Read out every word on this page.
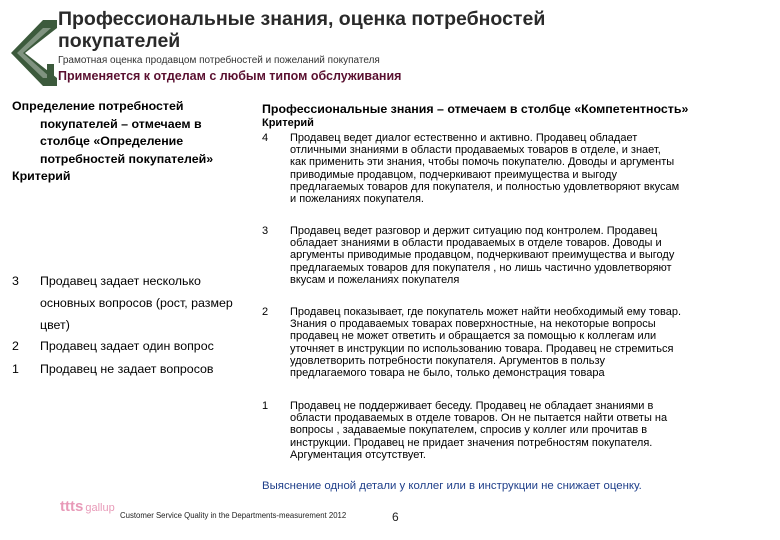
Профессиональные знания, оценка потребностей
покупателей
Грамотная оценка продавцом потребностей и пожеланий покупателя
Применяется к отделам с любым типом обслуживания
Определение потребностей
покупателей – отмечаем в
столбце «Определение
потребностей покупателей»
Критерий
3 Продавец задает несколько
основных вопросов (рост, размер
цвет)
2 Продавец задает один вопрос
1 Продавец не задает вопросов
Профессиональные знания – отмечаем в столбце «Компетентность»
Критерий
4 Продавец ведет диалог естественно и активно. Продавец обладает
отличными знаниями в области продаваемых товаров в отделе, и знает,
как применить эти знания, чтобы помочь покупателю. Доводы и аргументы
приводимые продавцом, подчеркивают преимущества и выгоду
предлагаемых товаров для покупателя, и полностью удовлетворяют вкусам
и пожеланиях покупателя.
3 Продавец ведет разговор и держит ситуацию под контролем. Продавец
обладает знаниями в области продаваемых в отделе товаров. Доводы и
аргументы приводимые продавцом, подчеркивают преимущества и выгоду
предлагаемых товаров для покупателя , но лишь частично удовлетворяют
вкусам и пожеланиях покупателя
2 Продавец показывает, где покупатель может найти необходимый ему товар.
Знания о продаваемых товарах поверхностные, на некоторые вопросы
продавец не может ответить и обращается за помощью к коллегам или
уточняет в инструкции по использованию товара. Продавец не стремиться
удовлетворить потребности покупателя. Аргументов в пользу
предлагаемого товара не было, только демонстрация товара
1 Продавец не поддерживает беседу. Продавец не обладает знаниями в
области продаваемых в отделе товаров. Он не пытается найти ответы на
вопросы , задаваемые покупателем, спросив у коллег или прочитав в
инструкции. Продавец не придает значения потребностям покупателя.
Аргументация отсутствует.
Выяснение одной детали у коллег или в инструкции не снижает оценку.
ttts gallup
Customer Service Quality in the Departments-measurement 2012	6
